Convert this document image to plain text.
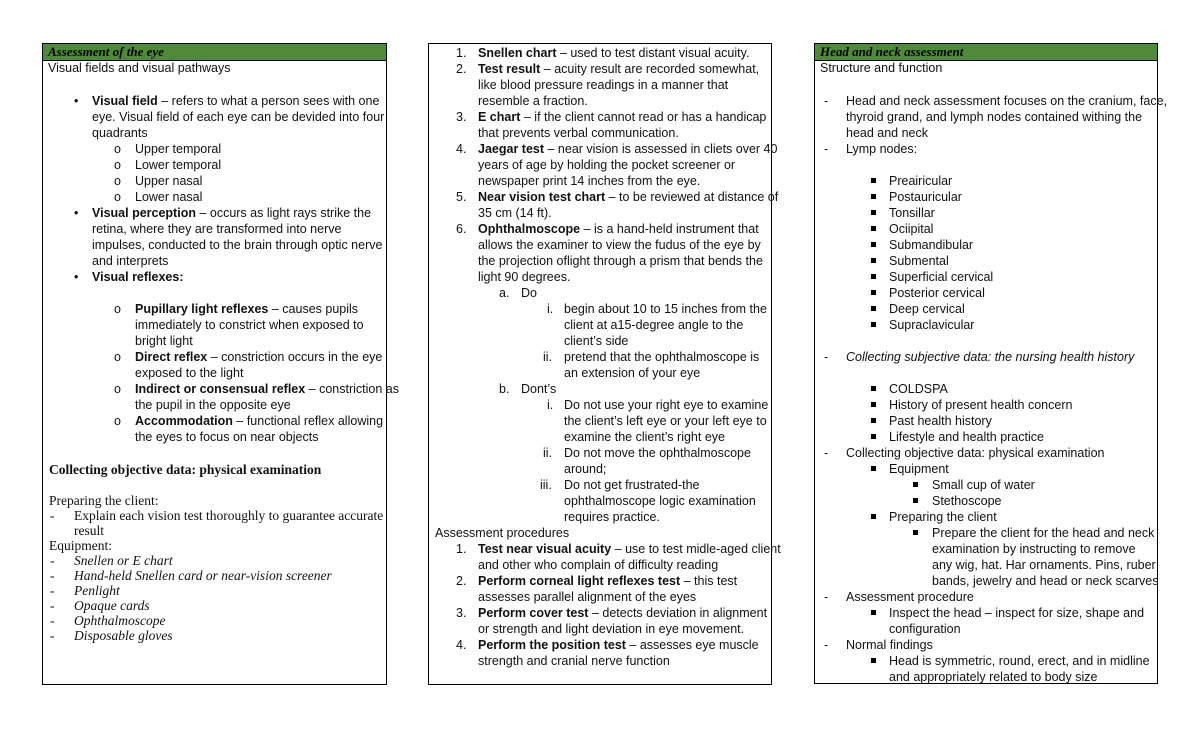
Assessment of the eye
Visual fields and visual pathways
• Visual field – refers to what a person sees with one
eye. Visual field of each eye can be devided into four
quadrants
o Upper temporal
o Lower temporal
o Upper nasal
o Lower nasal
• Visual perception – occurs as light rays strike the
retina, where they are transformed into nerve
impulses, conducted to the brain through optic nerve
and interprets
• Visual reflexes:
o Pupillary light reflexes – causes pupils
immediately to constrict when exposed to
bright light
o Direct reflex – constriction occurs in the eye
exposed to the light
o Indirect or consensual reflex – constriction as
the pupil in the opposite eye
o Accommodation – functional reflex allowing
the eyes to focus on near objects
Collecting objective data: physical examination
Preparing the client:
- Explain each vision test thoroughly to guarantee accurate
result
Equipment:
- Snellen or E chart
- Hand-held Snellen card or near-vision screener
- Penlight
- Opaque cards
- Ophthalmoscope
- Disposable gloves
1. Snellen chart – used to test distant visual acuity.
2. Test result – acuity result are recorded somewhat,
like blood pressure readings in a manner that
resemble a fraction.
3. E chart – if the client cannot read or has a handicap
that prevents verbal communication.
4. Jaegar test – near vision is assessed in cliets over 40
years of age by holding the pocket screener or
newspaper print 14 inches from the eye.
5. Near vision test chart – to be reviewed at distance of
35 cm (14 ft).
6. Ophthalmoscope – is a hand-held instrument that
allows the examiner to view the fudus of the eye by
the projection oflight through a prism that bends the
light 90 degrees.
a. Do
i. begin about 10 to 15 inches from the
client at a15-degree angle to the
client’s side
ii. pretend that the ophthalmoscope is
an extension of your eye
b. Dont’s
i. Do not use your right eye to examine
the client’s left eye or your left eye to
examine the client’s right eye
ii. Do not move the ophthalmoscope
around;
iii. Do not get frustrated-the
ophthalmoscope logic examination
requires practice.
Assessment procedures
1. Test near visual acuity – use to test midle-aged client
and other who complain of difficulty reading
2. Perform corneal light reflexes test – this test
assesses parallel alignment of the eyes
3. Perform cover test – detects deviation in alignment
or strength and light deviation in eye movement.
4. Perform the position test – assesses eye muscle
strength and cranial nerve function
Head and neck assessment
Structure and function
- Head and neck assessment focuses on the cranium, face,
thyroid grand, and lymph nodes contained withing the
head and neck
- Lymp nodes:
Preairicular
Postauricular
Tonsillar
Ociipital
Submandibular
Submental
Superficial cervical
Posterior cervical
Deep cervical
Supraclavicular
- Collecting subjective data: the nursing health history
COLDSPA
History of present health concern
Past health history
Lifestyle and health practice
- Collecting objective data: physical examination
Equipment
Small cup of water
Stethoscope
Preparing the client
Prepare the client for the head and neck
examination by instructing to remove
any wig, hat. Har ornaments. Pins, ruber
bands, jewelry and head or neck scarves
- Assessment procedure
Inspect the head – inspect for size, shape and
configuration
- Normal findings
Head is symmetric, round, erect, and in midline
and appropriately related to body size
